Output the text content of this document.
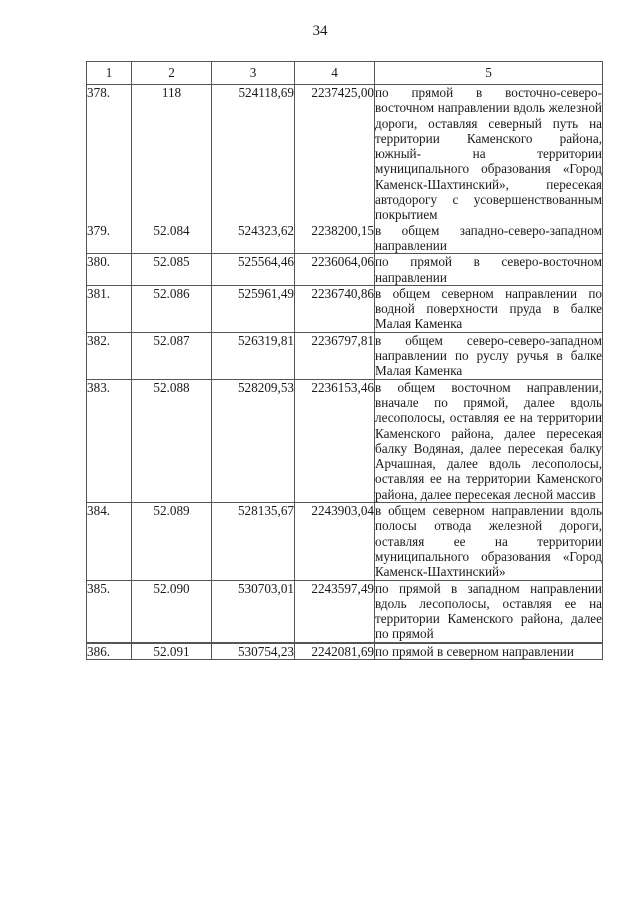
34
1	2	3	4	5
378.	118	524118,69	2237425,00	по прямой в восточно-северо-восточном направлении вдоль железной дороги, оставляя северный путь на территории Каменского района, южный- на территории муниципального образования «Город Каменск-Шахтинский», пересекая автодорогу с усовершенствованным покрытием
379.	52.084	524323,62	2238200,15	в общем западно-северо-западном направлении
380.	52.085	525564,46	2236064,06	по прямой в северо-восточном направлении
381.	52.086	525961,49	2236740,86	в общем северном направлении по водной поверхности пруда в балке Малая Каменка
382.	52.087	526319,81	2236797,81	в общем северо-северо-западном направлении по руслу ручья в балке Малая Каменка
383.	52.088	528209,53	2236153,46	в общем восточном направлении, вначале по прямой, далее вдоль лесополосы, оставляя ее на территории Каменского района, далее пересекая балку Водяная, далее пересекая балку Арчашная, далее вдоль лесополосы, оставляя ее на территории Каменского района, далее пересекая лесной массив
384.	52.089	528135,67	2243903,04	в общем северном направлении вдоль полосы отвода железной дороги, оставляя ее на территории муниципального образования «Город Каменск-Шахтинский»
385.	52.090	530703,01	2243597,49	по прямой в западном направлении вдоль лесополосы, оставляя ее на территории Каменского района, далее по прямой
386.	52.091	530754,23	2242081,69	по прямой в северном направлении
